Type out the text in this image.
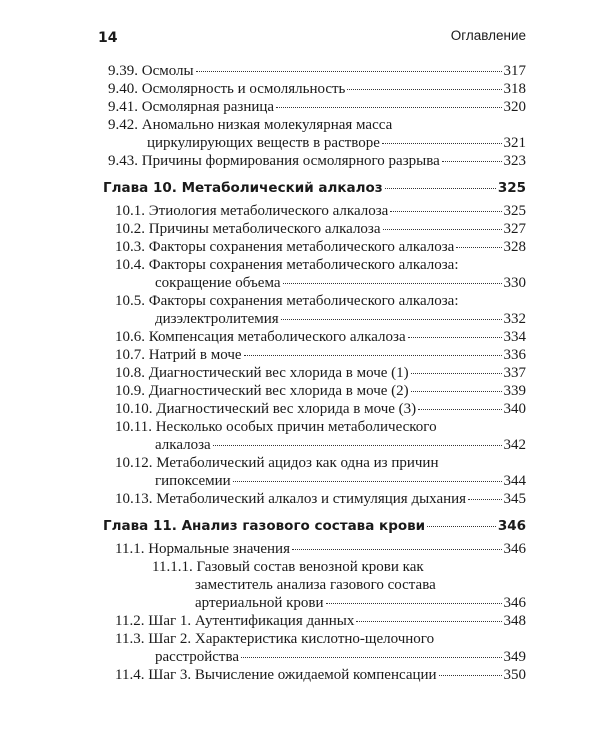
14	Оглавление
9.39. Осмолы	317
9.40. Осмолярность и осмоляльность	318
9.41. Осмолярная разница	320
9.42. Аномально низкая молекулярная масса
циркулирующих веществ в растворе	321
9.43. Причины формирования осмолярного разрыва	323
Глава 10. Метаболический алкалоз	325
10.1. Этиология метаболического алкалоза	325
10.2. Причины метаболического алкалоза	327
10.3. Факторы сохранения метаболического алкалоза	328
10.4. Факторы сохранения метаболического алкалоза:
сокращение объема	330
10.5. Факторы сохранения метаболического алкалоза:
дизэлектролитемия	332
10.6. Компенсация метаболического алкалоза	334
10.7. Натрий в моче	336
10.8. Диагностический вес хлорида в моче (1)	337
10.9. Диагностический вес хлорида в моче (2)	339
10.10. Диагностический вес хлорида в моче (3)	340
10.11. Несколько особых причин метаболического
алкалоза	342
10.12. Метаболический ацидоз как одна из причин
гипоксемии	344
10.13. Метаболический алкалоз и стимуляция дыхания 345
Глава 11. Анализ газового состава крови	346
11.1. Нормальные значения	346
11.1.1. Газовый состав венозной крови как
заместитель анализа газового состава
артериальной крови	346
11.2. Шаг 1. Аутентификация данных	348
11.3. Шаг 2. Характеристика кислотно-щелочного
расстройства	349
11.4. Шаг 3. Вычисление ожидаемой компенсации	350
